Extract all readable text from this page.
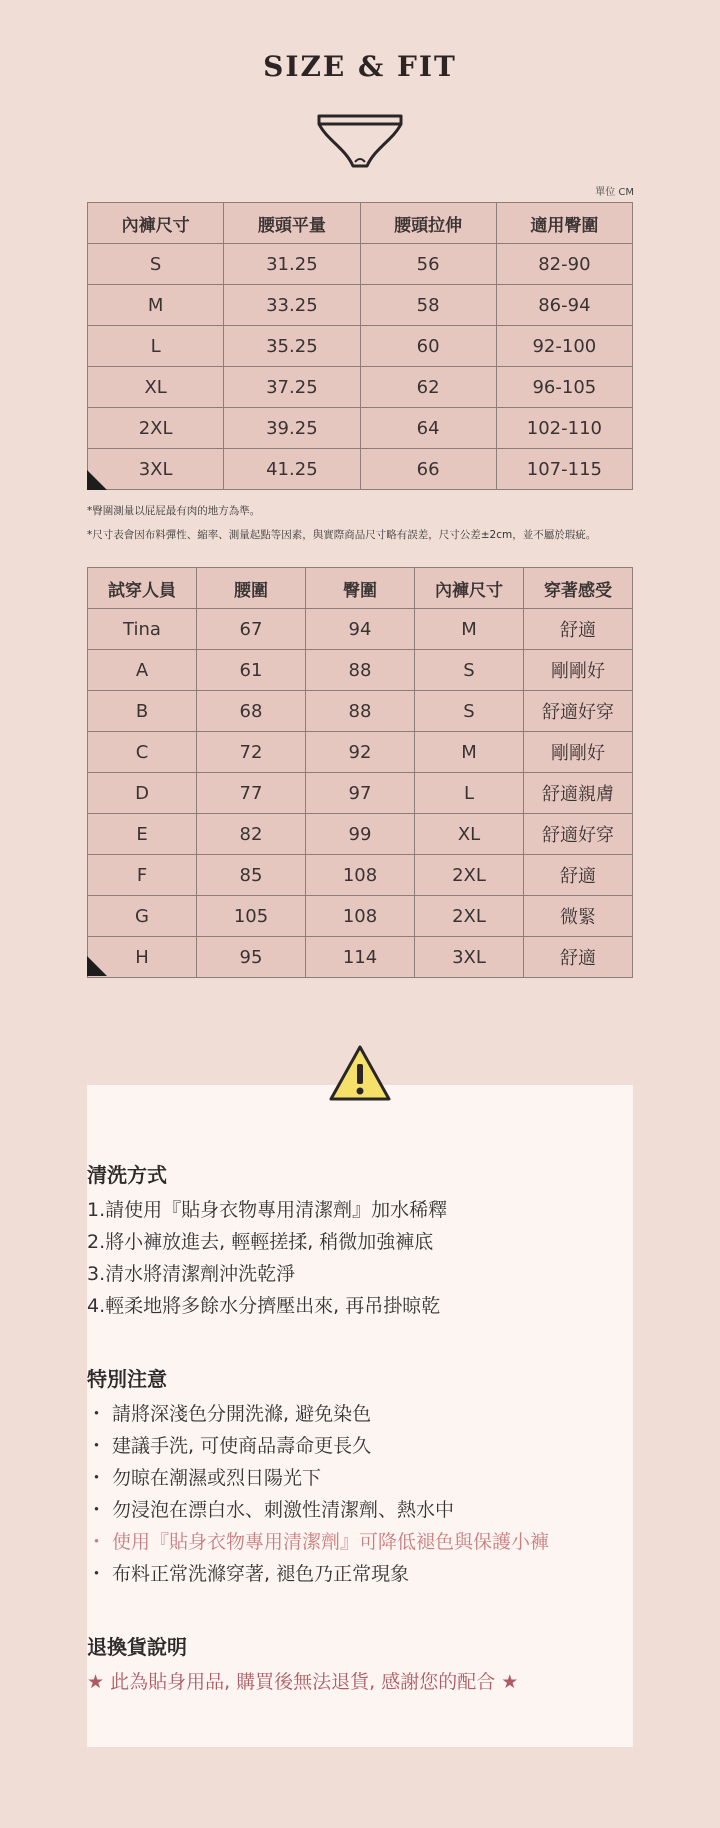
SIZE & FIT
單位 CM
內褲尺寸	腰頭平量	腰頭拉伸	適用臀圍
S	31.25	56	82-90
M	33.25	58	86-94
L	35.25	60	92-100
XL	37.25	62	96-105
2XL	39.25	64	102-110
3XL	41.25	66	107-115
*臀圍測量以屁屁最有肉的地方為準。
*尺寸表會因布料彈性、縮率、測量起點等因素，與實際商品尺寸略有誤差，尺寸公差±2cm，並不屬於瑕疵。
試穿人員	腰圍	臀圍	內褲尺寸	穿著感受
Tina	67	94	M	舒適
A	61	88	S	剛剛好
B	68	88	S	舒適好穿
C	72	92	M	剛剛好
D	77	97	L	舒適親膚
E	82	99	XL	舒適好穿
F	85	108	2XL	舒適
G	105	108	2XL	微緊
H	95	114	3XL	舒適
清洗方式
1.請使用『貼身衣物專用清潔劑』加水稀釋
2.將小褲放進去, 輕輕搓揉, 稍微加強褲底
3.清水將清潔劑沖洗乾淨
4.輕柔地將多餘水分擠壓出來, 再吊掛晾乾
特別注意
・ 請將深淺色分開洗滌, 避免染色
・ 建議手洗, 可使商品壽命更長久
・ 勿晾在潮濕或烈日陽光下
・ 勿浸泡在漂白水、刺激性清潔劑、熱水中
・ 使用『貼身衣物專用清潔劑』可降低褪色與保護小褲
・ 布料正常洗滌穿著, 褪色乃正常現象
退換貨說明
★ 此為貼身用品, 購買後無法退貨, 感謝您的配合 ★
